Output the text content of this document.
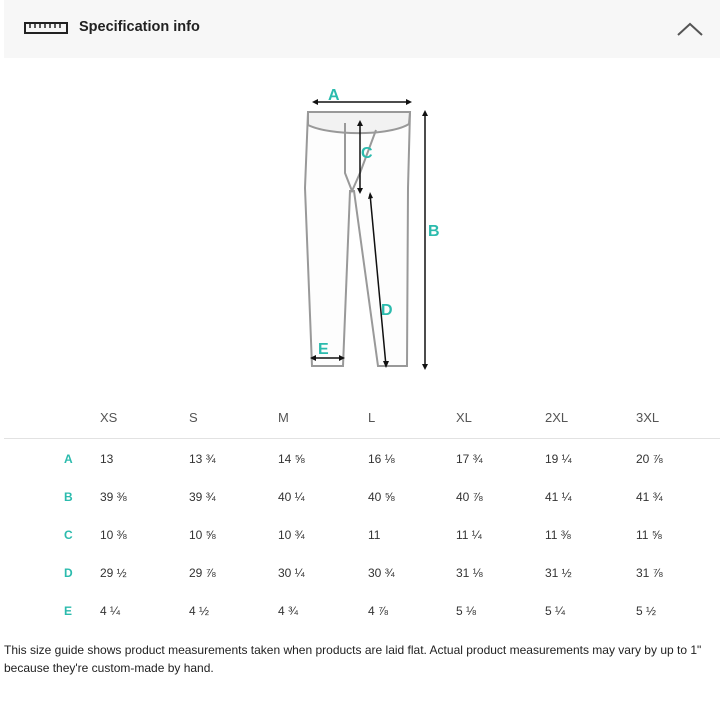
Specification info
A
B
C
D
E
XS	S	M	L	XL	2XL	3XL
A 13	13 ¾	14 ⅝	16 ⅛	17 ¾	19 ¼	20 ⅞
B 39 ⅜	39 ¾	40 ¼	40 ⅝	40 ⅞	41 ¼	41 ¾
C 10 ⅜	10 ⅝	10 ¾	11	11 ¼	11 ⅜	11 ⅝
D 29 ½	29 ⅞	30 ¼	30 ¾	31 ⅛	31 ½	31 ⅞
E 4 ¼	4 ½	4 ¾	4 ⅞	5 ⅛	5 ¼	5 ½
This size guide shows product measurements taken when products are laid flat. Actual product measurements may vary by up to 1"
because they're custom-made by hand.
